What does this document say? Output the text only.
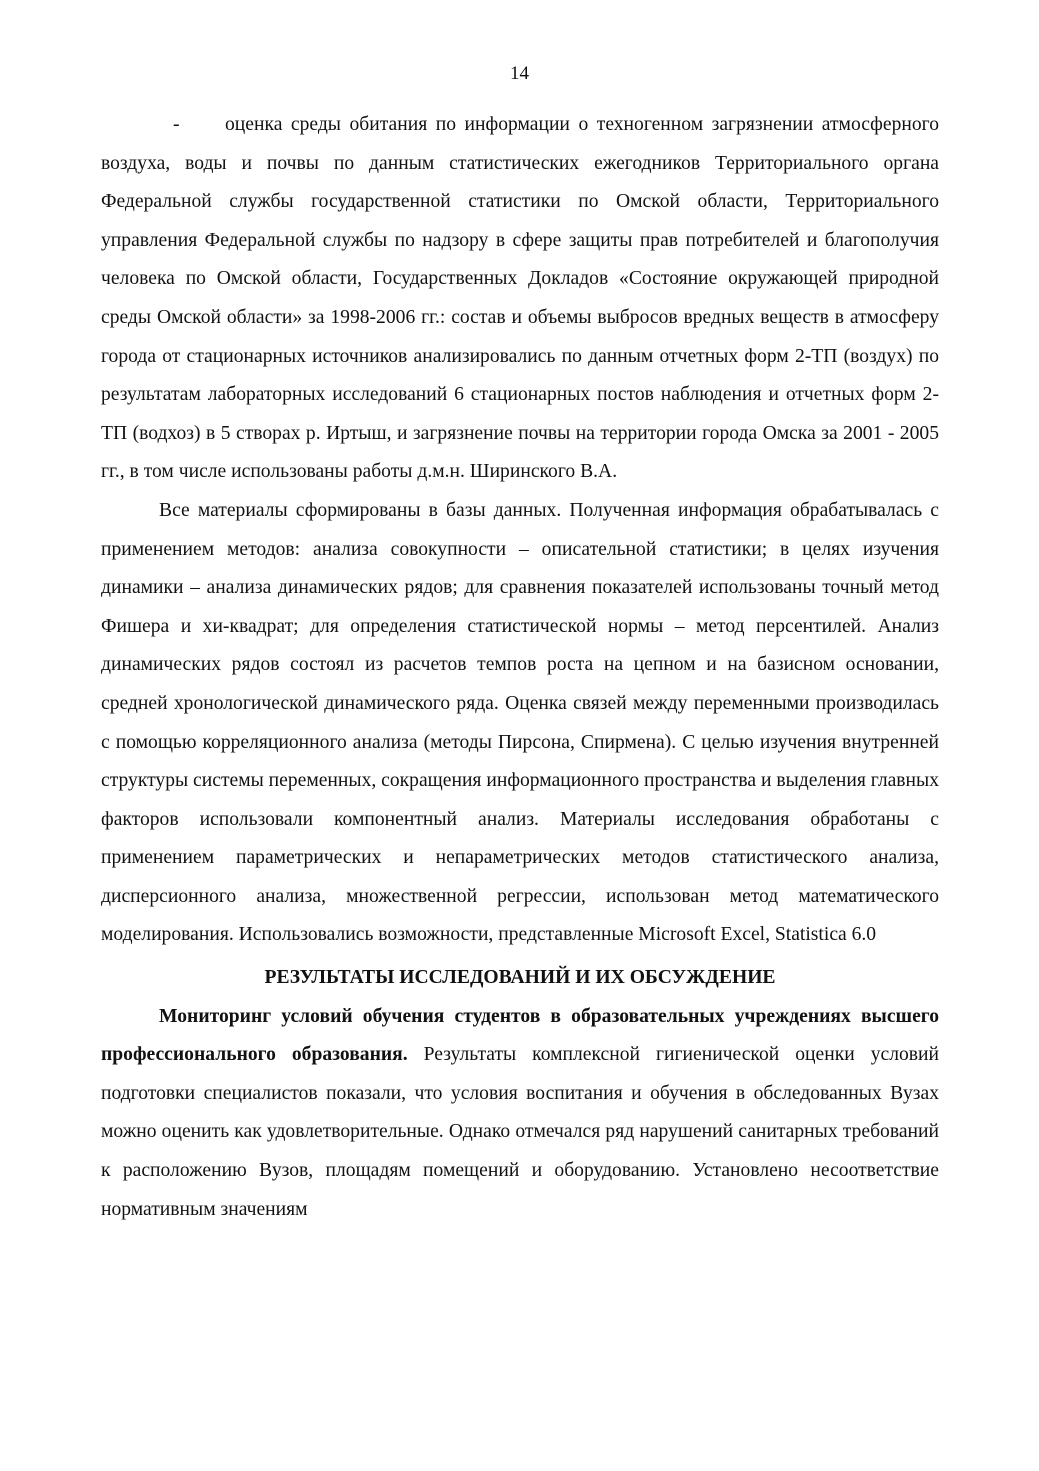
14

- оценка среды обитания по информации о техногенном загрязнении атмосферного воздуха, воды и почвы по данным статистических ежегодников Территориального органа Федеральной службы государственной статистики по Омской области, Территориального управления Федеральной службы по надзору в сфере защиты прав потребителей и благополучия человека по Омской области, Государственных Докладов «Состояние окружающей природной среды Омской области» за 1998-2006 гг.: состав и объемы выбросов вредных веществ в атмосферу города от стационарных источников анализировались по данным отчетных форм 2-ТП (воздух) по результатам лабораторных исследований 6 стационарных постов наблюдения и отчетных форм 2-ТП (водхоз) в 5 створах р. Иртыш, и загрязнение почвы на территории города Омска за 2001 - 2005 гг., в том числе использованы работы д.м.н. Ширинского В.А.

Все материалы сформированы в базы данных. Полученная информация обрабатывалась с применением методов: анализа совокупности – описательной статистики; в целях изучения динамики – анализа динамических рядов; для сравнения показателей использованы точный метод Фишера и хи-квадрат; для определения статистической нормы – метод персентилей. Анализ динамических рядов состоял из расчетов темпов роста на цепном и на базисном основании, средней хронологической динамического ряда. Оценка связей между переменными производилась с помощью корреляционного анализа (методы Пирсона, Спирмена). С целью изучения внутренней структуры системы переменных, сокращения информационного пространства и выделения главных факторов использовали компонентный анализ. Материалы исследования обработаны с применением параметрических и непараметрических методов статистического анализа, дисперсионного анализа, множественной регрессии, использован метод математического моделирования. Использовались возможности, представленные Microsoft Excel, Statistica 6.0

РЕЗУЛЬТАТЫ ИССЛЕДОВАНИЙ И ИХ ОБСУЖДЕНИЕ

Мониторинг условий обучения студентов в образовательных учреждениях высшего профессионального образования. Результаты комплексной гигиенической оценки условий подготовки специалистов показали, что условия воспитания и обучения в обследованных Вузах можно оценить как удовлетворительные. Однако отмечался ряд нарушений санитарных требований к расположению Вузов, площадям помещений и оборудованию. Установлено несоответствие нормативным значениям
